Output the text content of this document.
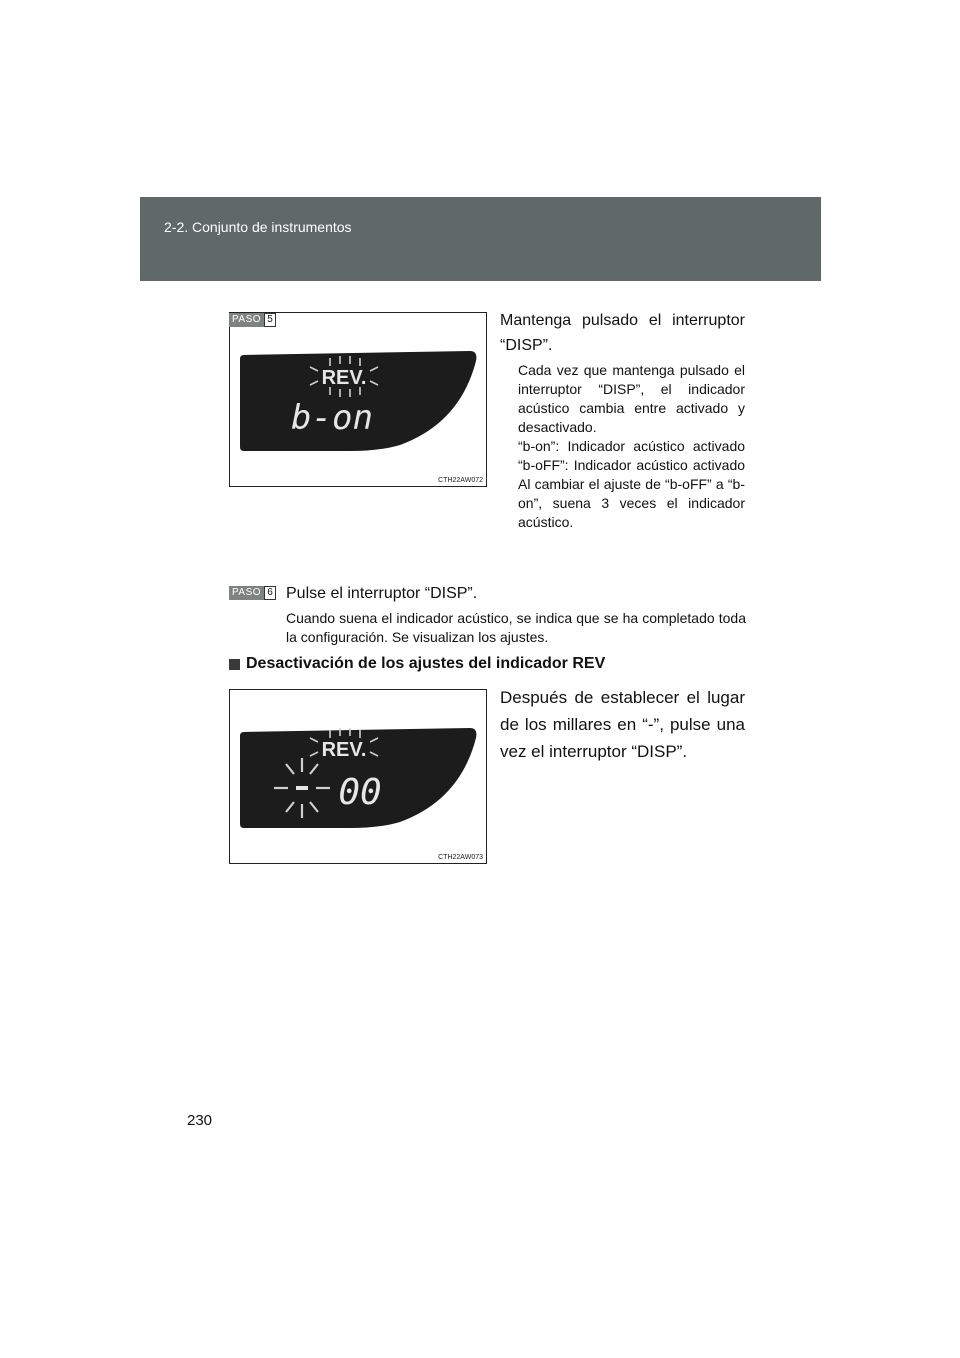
2-2. Conjunto de instrumentos
REV.
b-on
CTH22AW072
PASO 5	Mantenga pulsado el interruptor “DISP”.
Cada vez que mantenga pulsado el interruptor “DISP”, el indicador acústico cambia entre activado y desactivado.
“b-on”: Indicador acústico activado
“b-oFF”: Indicador acústico activado
Al cambiar el ajuste de “b-oFF” a “b-on”, suena 3 veces el indicador acústico.
PASO 6 Pulse el interruptor “DISP”.
Cuando suena el indicador acústico, se indica que se ha completado toda la configuración. Se visualizan los ajustes.
Desactivación de los ajustes del indicador REV
Después de establecer el lugar de los millares en “-”, pulse una vez el interruptor “DISP”.
REV.
00
CTH22AW073
230
